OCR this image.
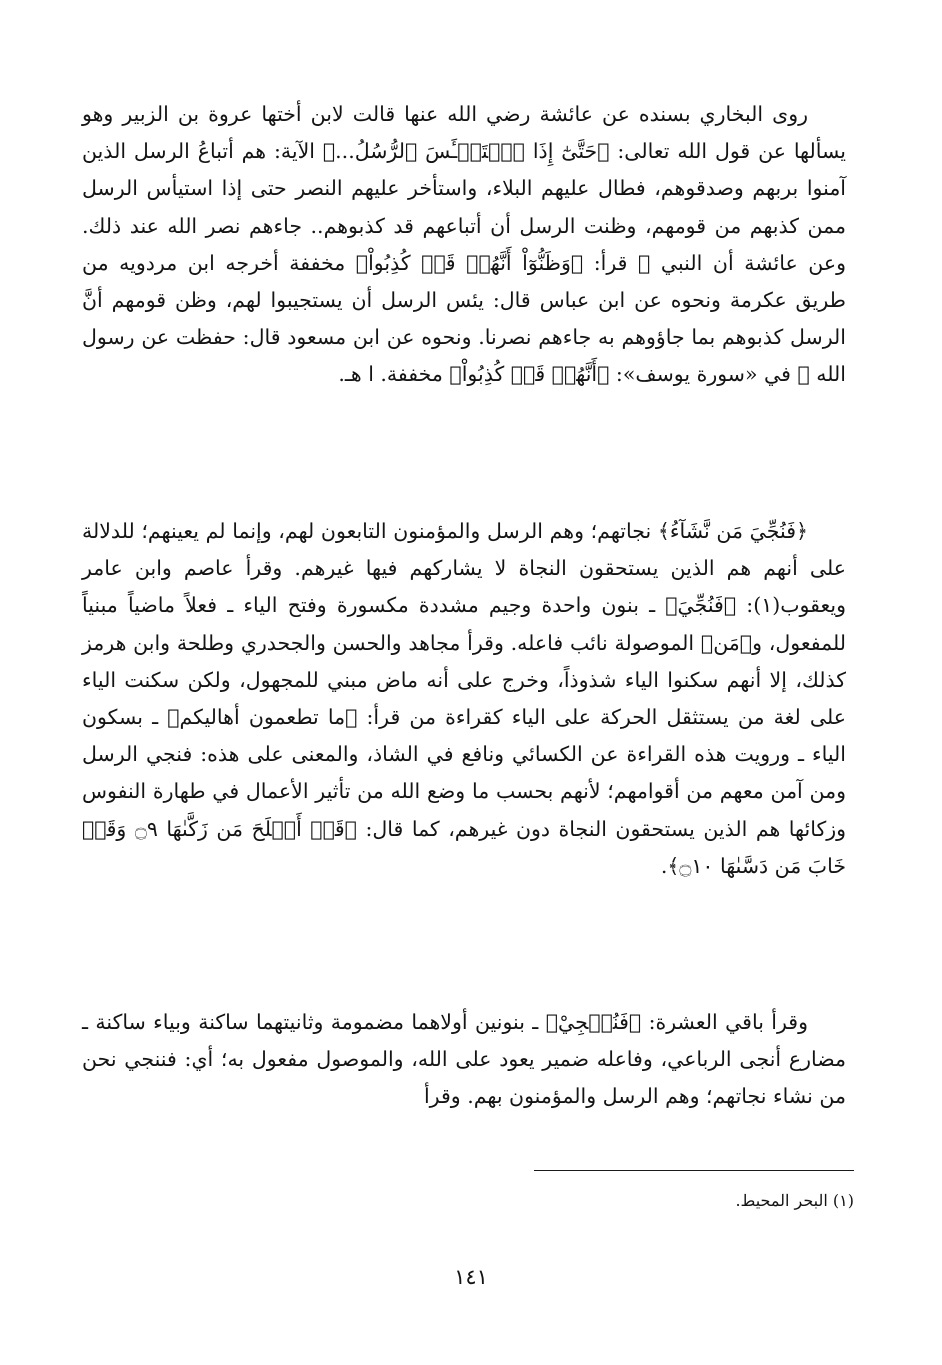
روى البخاري بسنده عن عائشة رضي الله عنها قالت لابن أختها عروة بن الزبير وهو يسألها عن قول الله تعالى: ﴿حَتَّىٰٓ إِذَا ٱسۡتَيۡـَٔسَ ٱلرُّسُلُ...﴾ الآية: هم أتباعُ الرسل الذين آمنوا بربهم وصدقوهم، فطال عليهم البلاء، واستأخر عليهم النصر حتى إذا استيأس الرسل ممن كذبهم من قومهم، وظنت الرسل أن أتباعهم قد كذبوهم.. جاءهم نصر الله عند ذلك. وعن عائشة أن النبي ﷺ قرأ: ﴿وَظَنُّوٓاْ أَنَّهُمۡ قَدۡ كُذِبُواْ﴾ مخففة أخرجه ابن مردويه من طريق عكرمة ونحوه عن ابن عباس قال: يئس الرسل أن يستجيبوا لهم، وظن قومهم أنَّ الرسل كذبوهم بما جاؤوهم به جاءهم نصرنا. ونحوه عن ابن مسعود قال: حفظت عن رسول الله ﷺ في «سورة يوسف»: ﴿أَنَّهُمۡ قَدۡ كُذِبُواْ﴾ مخففة. ا هـ.

﴿فَنُجِّيَ مَن نَّشَآءُ﴾ نجاتهم؛ وهم الرسل والمؤمنون التابعون لهم، وإنما لم يعينهم؛ للدلالة على أنهم هم الذين يستحقون النجاة لا يشاركهم فيها غيرهم. وقرأ عاصم وابن عامر ويعقوب(١): ﴿فَنُجِّيَ﴾ ـ بنون واحدة وجيم مشددة مكسورة وفتح الياء ـ فعلاً ماضياً مبنياً للمفعول، و﴿مَن﴾ الموصولة نائب فاعله. وقرأ مجاهد والحسن والجحدري وطلحة وابن هرمز كذلك، إلا أنهم سكنوا الياء شذوذاً، وخرج على أنه ماض مبني للمجهول، ولكن سكنت الياء على لغة من يستثقل الحركة على الياء كقراءة من قرأ: ﴿ما تطعمون أهاليكم﴾ ـ بسكون الياء ـ ورويت هذه القراءة عن الكسائي ونافع في الشاذ، والمعنى على هذه: فنجي الرسل ومن آمن معهم من أقوامهم؛ لأنهم بحسب ما وضع الله من تأثير الأعمال في طهارة النفوس وزكائها هم الذين يستحقون النجاة دون غيرهم، كما قال: ﴿قَدۡ أَفۡلَحَ مَن زَكَّىٰهَا ۝٩ وَقَدۡ خَابَ مَن دَسَّىٰهَا ۝١٠﴾.

وقرأ باقي العشرة: ﴿فَنُنۡجِيْ﴾ ـ بنونين أولاهما مضمومة وثانيتهما ساكنة وبياء ساكنة ـ مضارع أنجى الرباعي، وفاعله ضمير يعود على الله، والموصول مفعول به؛ أي: فننجي نحن من نشاء نجاتهم؛ وهم الرسل والمؤمنون بهم. وقرأ

(١) البحر المحيط.
١٤١
